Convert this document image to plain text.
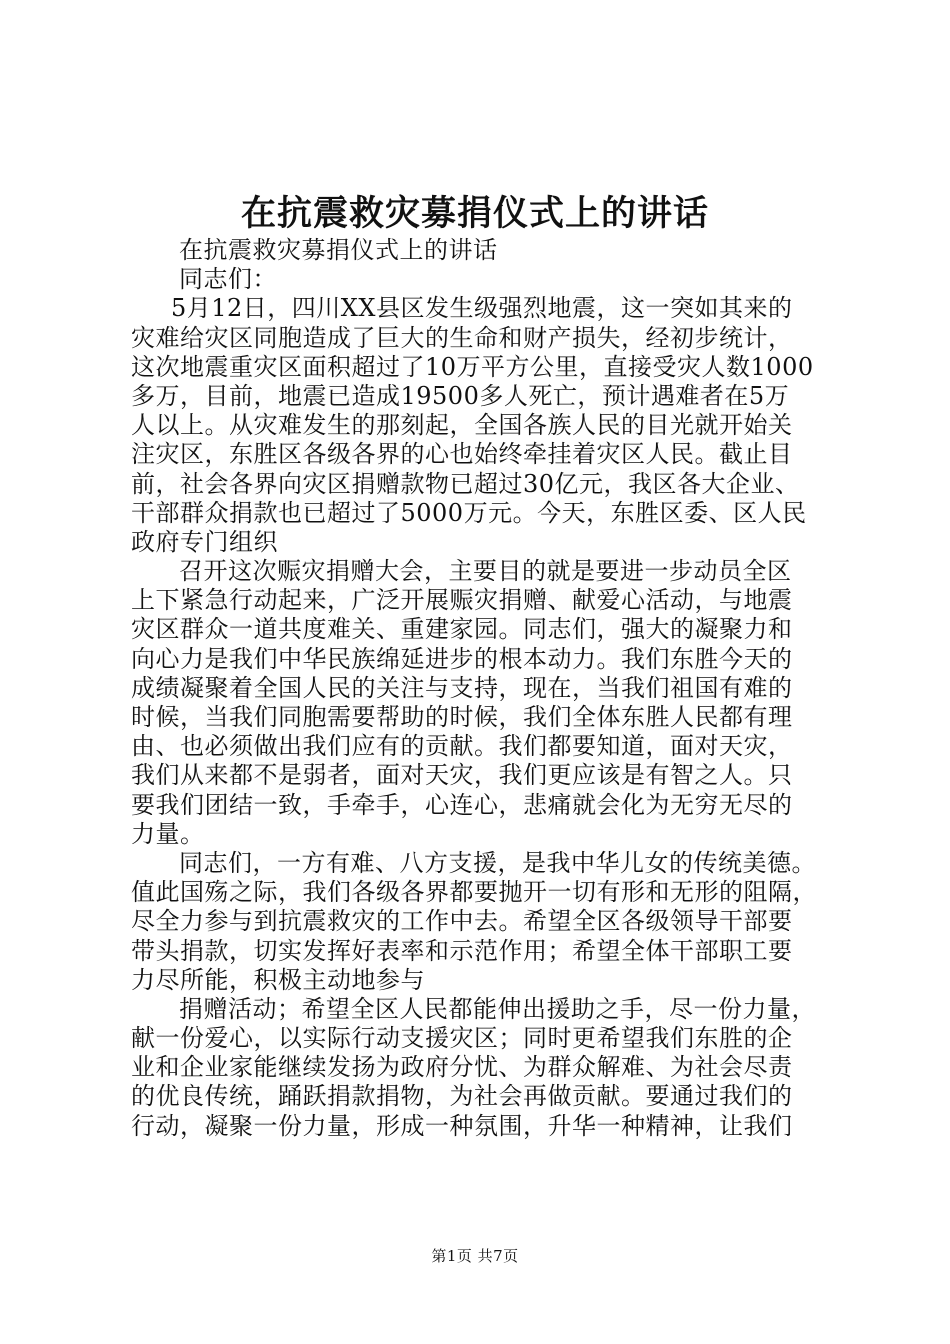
在抗震救灾募捐仪式上的讲话
在抗震救灾募捐仪式上的讲话
同志们：
5月12日，四川XX县区发生级强烈地震，这一突如其来的
灾难给灾区同胞造成了巨大的生命和财产损失，经初步统计，
这次地震重灾区面积超过了10万平方公里，直接受灾人数1000
多万，目前，地震已造成19500多人死亡，预计遇难者在5万
人以上。从灾难发生的那刻起，全国各族人民的目光就开始关
注灾区，东胜区各级各界的心也始终牵挂着灾区人民。截止目
前，社会各界向灾区捐赠款物已超过30亿元，我区各大企业、
干部群众捐款也已超过了5000万元。今天，东胜区委、区人民
政府专门组织
召开这次赈灾捐赠大会，主要目的就是要进一步动员全区
上下紧急行动起来，广泛开展赈灾捐赠、献爱心活动，与地震
灾区群众一道共度难关、重建家园。同志们，强大的凝聚力和
向心力是我们中华民族绵延进步的根本动力。我们东胜今天的
成绩凝聚着全国人民的关注与支持，现在，当我们祖国有难的
时候，当我们同胞需要帮助的时候，我们全体东胜人民都有理
由、也必须做出我们应有的贡献。我们都要知道，面对天灾，
我们从来都不是弱者，面对天灾，我们更应该是有智之人。只
要我们团结一致，手牵手，心连心，悲痛就会化为无穷无尽的
力量。
同志们，一方有难、八方支援，是我中华儿女的传统美德。
值此国殇之际，我们各级各界都要抛开一切有形和无形的阻隔，
尽全力参与到抗震救灾的工作中去。希望全区各级领导干部要
带头捐款，切实发挥好表率和示范作用；希望全体干部职工要
力尽所能，积极主动地参与
捐赠活动；希望全区人民都能伸出援助之手，尽一份力量，
献一份爱心，以实际行动支援灾区；同时更希望我们东胜的企
业和企业家能继续发扬为政府分忧、为群众解难、为社会尽责
的优良传统，踊跃捐款捐物，为社会再做贡献。要通过我们的
行动，凝聚一份力量，形成一种氛围，升华一种精神，让我们
第1页 共7页
